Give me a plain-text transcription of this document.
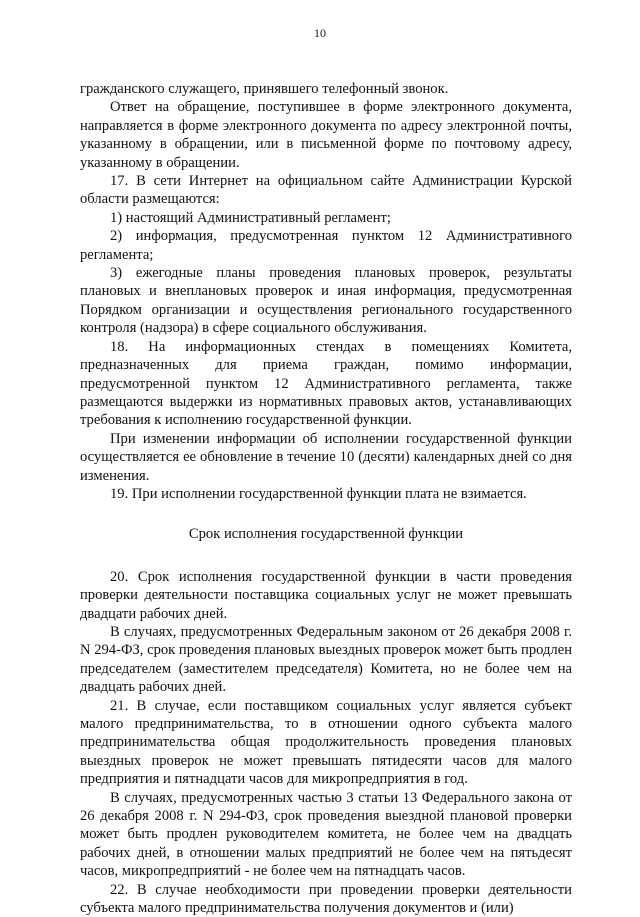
10

гражданского служащего, принявшего телефонный звонок.

Ответ на обращение, поступившее в форме электронного документа, направляется в форме электронного документа по адресу электронной почты, указанному в обращении, или в письменной форме по почтовому адресу, указанному в обращении.

17. В сети Интернет на официальном сайте Администрации Курской области размещаются:

1) настоящий Административный регламент;

2) информация, предусмотренная пунктом 12 Административного регламента;

3) ежегодные планы проведения плановых проверок, результаты плановых и внеплановых проверок и иная информация, предусмотренная Порядком организации и осуществления регионального государственного контроля (надзора) в сфере социального обслуживания.

18. На информационных стендах в помещениях Комитета, предназначенных для приема граждан, помимо информации, предусмотренной пунктом 12 Административного регламента, также размещаются выдержки из нормативных правовых актов, устанавливающих требования к исполнению государственной функции.

При изменении информации об исполнении государственной функции осуществляется ее обновление в течение 10 (десяти) календарных дней со дня изменения.

19. При исполнении государственной функции плата не взимается.

Срок исполнения государственной функции

20. Срок исполнения государственной функции в части проведения проверки деятельности поставщика социальных услуг не может превышать двадцати рабочих дней.

В случаях, предусмотренных Федеральным законом от 26 декабря 2008 г. N 294-ФЗ, срок проведения плановых выездных проверок может быть продлен председателем (заместителем председателя) Комитета, но не более чем на двадцать рабочих дней.

21. В случае, если поставщиком социальных услуг является субъект малого предпринимательства, то в отношении одного субъекта малого предпринимательства общая продолжительность проведения плановых выездных проверок не может превышать пятидесяти часов для малого предприятия и пятнадцати часов для микропредприятия в год.

В случаях, предусмотренных частью 3 статьи 13 Федерального закона от 26 декабря 2008 г. N 294-ФЗ, срок проведения выездной плановой проверки может быть продлен руководителем комитета, не более чем на двадцать рабочих дней, в отношении малых предприятий не более чем на пятьдесят часов, микропредприятий - не более чем на пятнадцать часов.

22. В случае необходимости при проведении проверки деятельности субъекта малого предпринимательства получения документов и (или)
